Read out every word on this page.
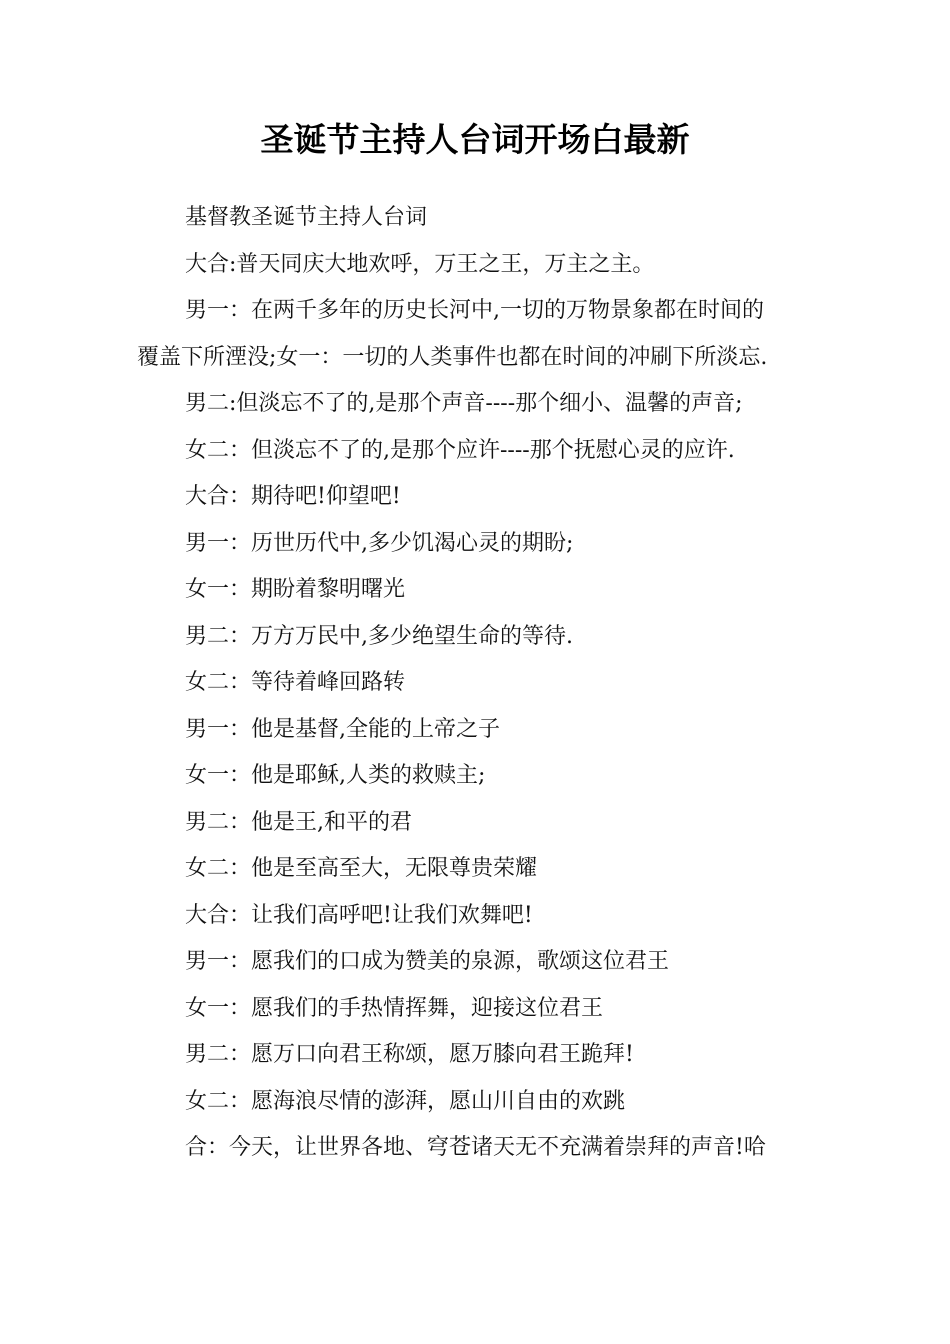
圣诞节主持人台词开场白最新

基督教圣诞节主持人台词

大合:普天同庆大地欢呼，万王之王，万主之主。

男一：在两千多年的历史长河中,一切的万物景象都在时间的

覆盖下所湮没;女一：一切的人类事件也都在时间的冲刷下所淡忘.

男二:但淡忘不了的,是那个声音----那个细小、温馨的声音;

女二：但淡忘不了的,是那个应许----那个抚慰心灵的应许.

大合：期待吧!仰望吧!

男一：历世历代中,多少饥渴心灵的期盼;

女一：期盼着黎明曙光

男二：万方万民中,多少绝望生命的等待.

女二：等待着峰回路转

男一：他是基督,全能的上帝之子

女一：他是耶稣,人类的救赎主;

男二：他是王,和平的君

女二：他是至高至大，无限尊贵荣耀

大合：让我们高呼吧!让我们欢舞吧!

男一：愿我们的口成为赞美的泉源，歌颂这位君王

女一：愿我们的手热情挥舞，迎接这位君王

男二：愿万口向君王称颂，愿万膝向君王跪拜!

女二：愿海浪尽情的澎湃，愿山川自由的欢跳

合：今天，让世界各地、穹苍诸天无不充满着崇拜的声音!哈
